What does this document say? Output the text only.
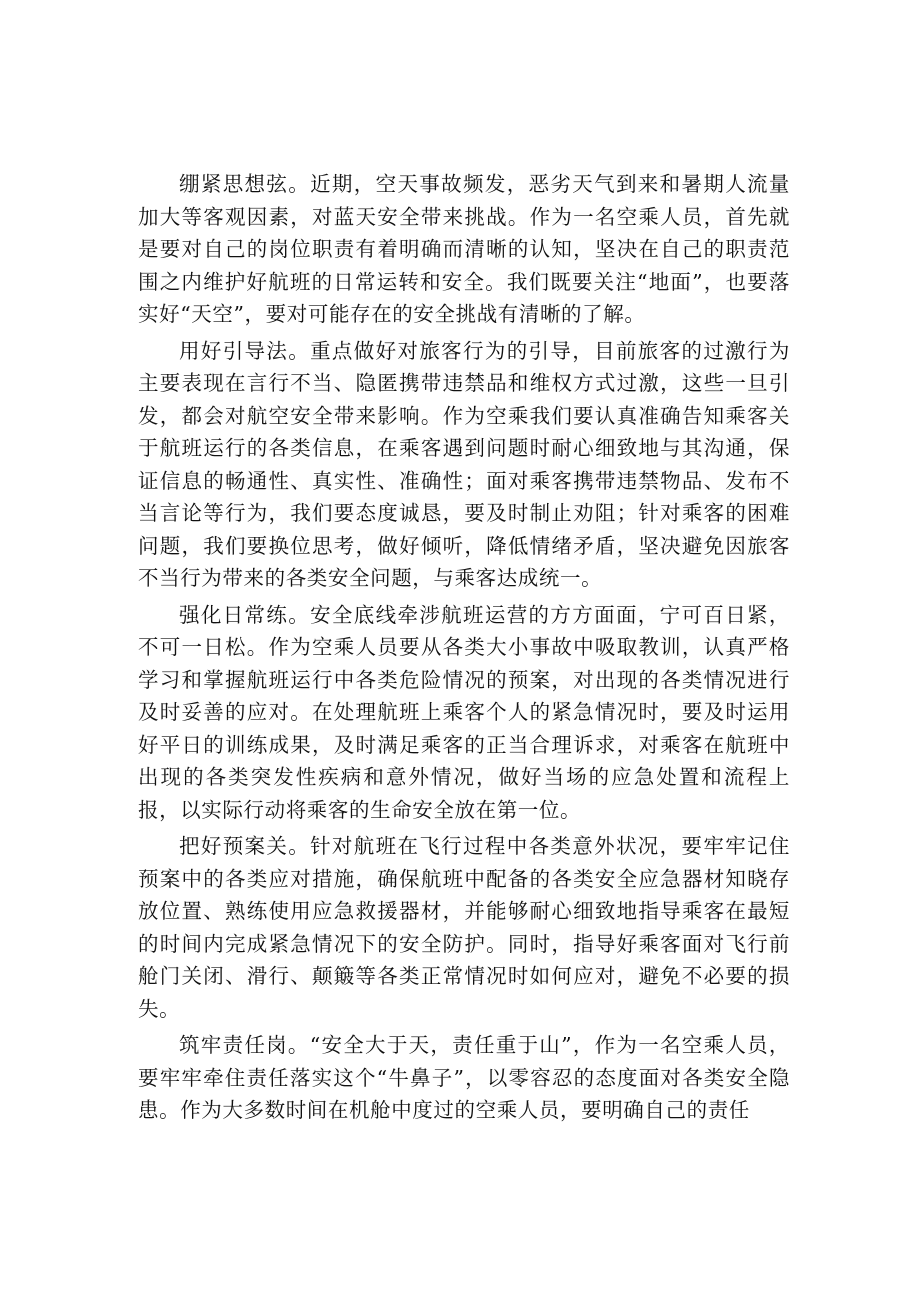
绷紧思想弦。近期，空天事故频发，恶劣天气到来和暑期人流量加大等客观因素，对蓝天安全带来挑战。作为一名空乘人员，首先就是要对自己的岗位职责有着明确而清晰的认知，坚决在自己的职责范围之内维护好航班的日常运转和安全。我们既要关注“地面”，也要落实好“天空”，要对可能存在的安全挑战有清晰的了解。

用好引导法。重点做好对旅客行为的引导，目前旅客的过激行为主要表现在言行不当、隐匿携带违禁品和维权方式过激，这些一旦引发，都会对航空安全带来影响。作为空乘我们要认真准确告知乘客关于航班运行的各类信息，在乘客遇到问题时耐心细致地与其沟通，保证信息的畅通性、真实性、准确性；面对乘客携带违禁物品、发布不当言论等行为，我们要态度诚恳，要及时制止劝阻；针对乘客的困难问题，我们要换位思考，做好倾听，降低情绪矛盾，坚决避免因旅客不当行为带来的各类安全问题，与乘客达成统一。

强化日常练。安全底线牵涉航班运营的方方面面，宁可百日紧，不可一日松。作为空乘人员要从各类大小事故中吸取教训，认真严格学习和掌握航班运行中各类危险情况的预案，对出现的各类情况进行及时妥善的应对。在处理航班上乘客个人的紧急情况时，要及时运用好平日的训练成果，及时满足乘客的正当合理诉求，对乘客在航班中出现的各类突发性疾病和意外情况，做好当场的应急处置和流程上报，以实际行动将乘客的生命安全放在第一位。

把好预案关。针对航班在飞行过程中各类意外状况，要牢牢记住预案中的各类应对措施，确保航班中配备的各类安全应急器材知晓存放位置、熟练使用应急救援器材，并能够耐心细致地指导乘客在最短的时间内完成紧急情况下的安全防护。同时，指导好乘客面对飞行前舱门关闭、滑行、颠簸等各类正常情况时如何应对，避免不必要的损失。

筑牢责任岗。“安全大于天，责任重于山”，作为一名空乘人员，要牢牢牵住责任落实这个“牛鼻子”，以零容忍的态度面对各类安全隐患。作为大多数时间在机舱中度过的空乘人员，要明确自己的责任
